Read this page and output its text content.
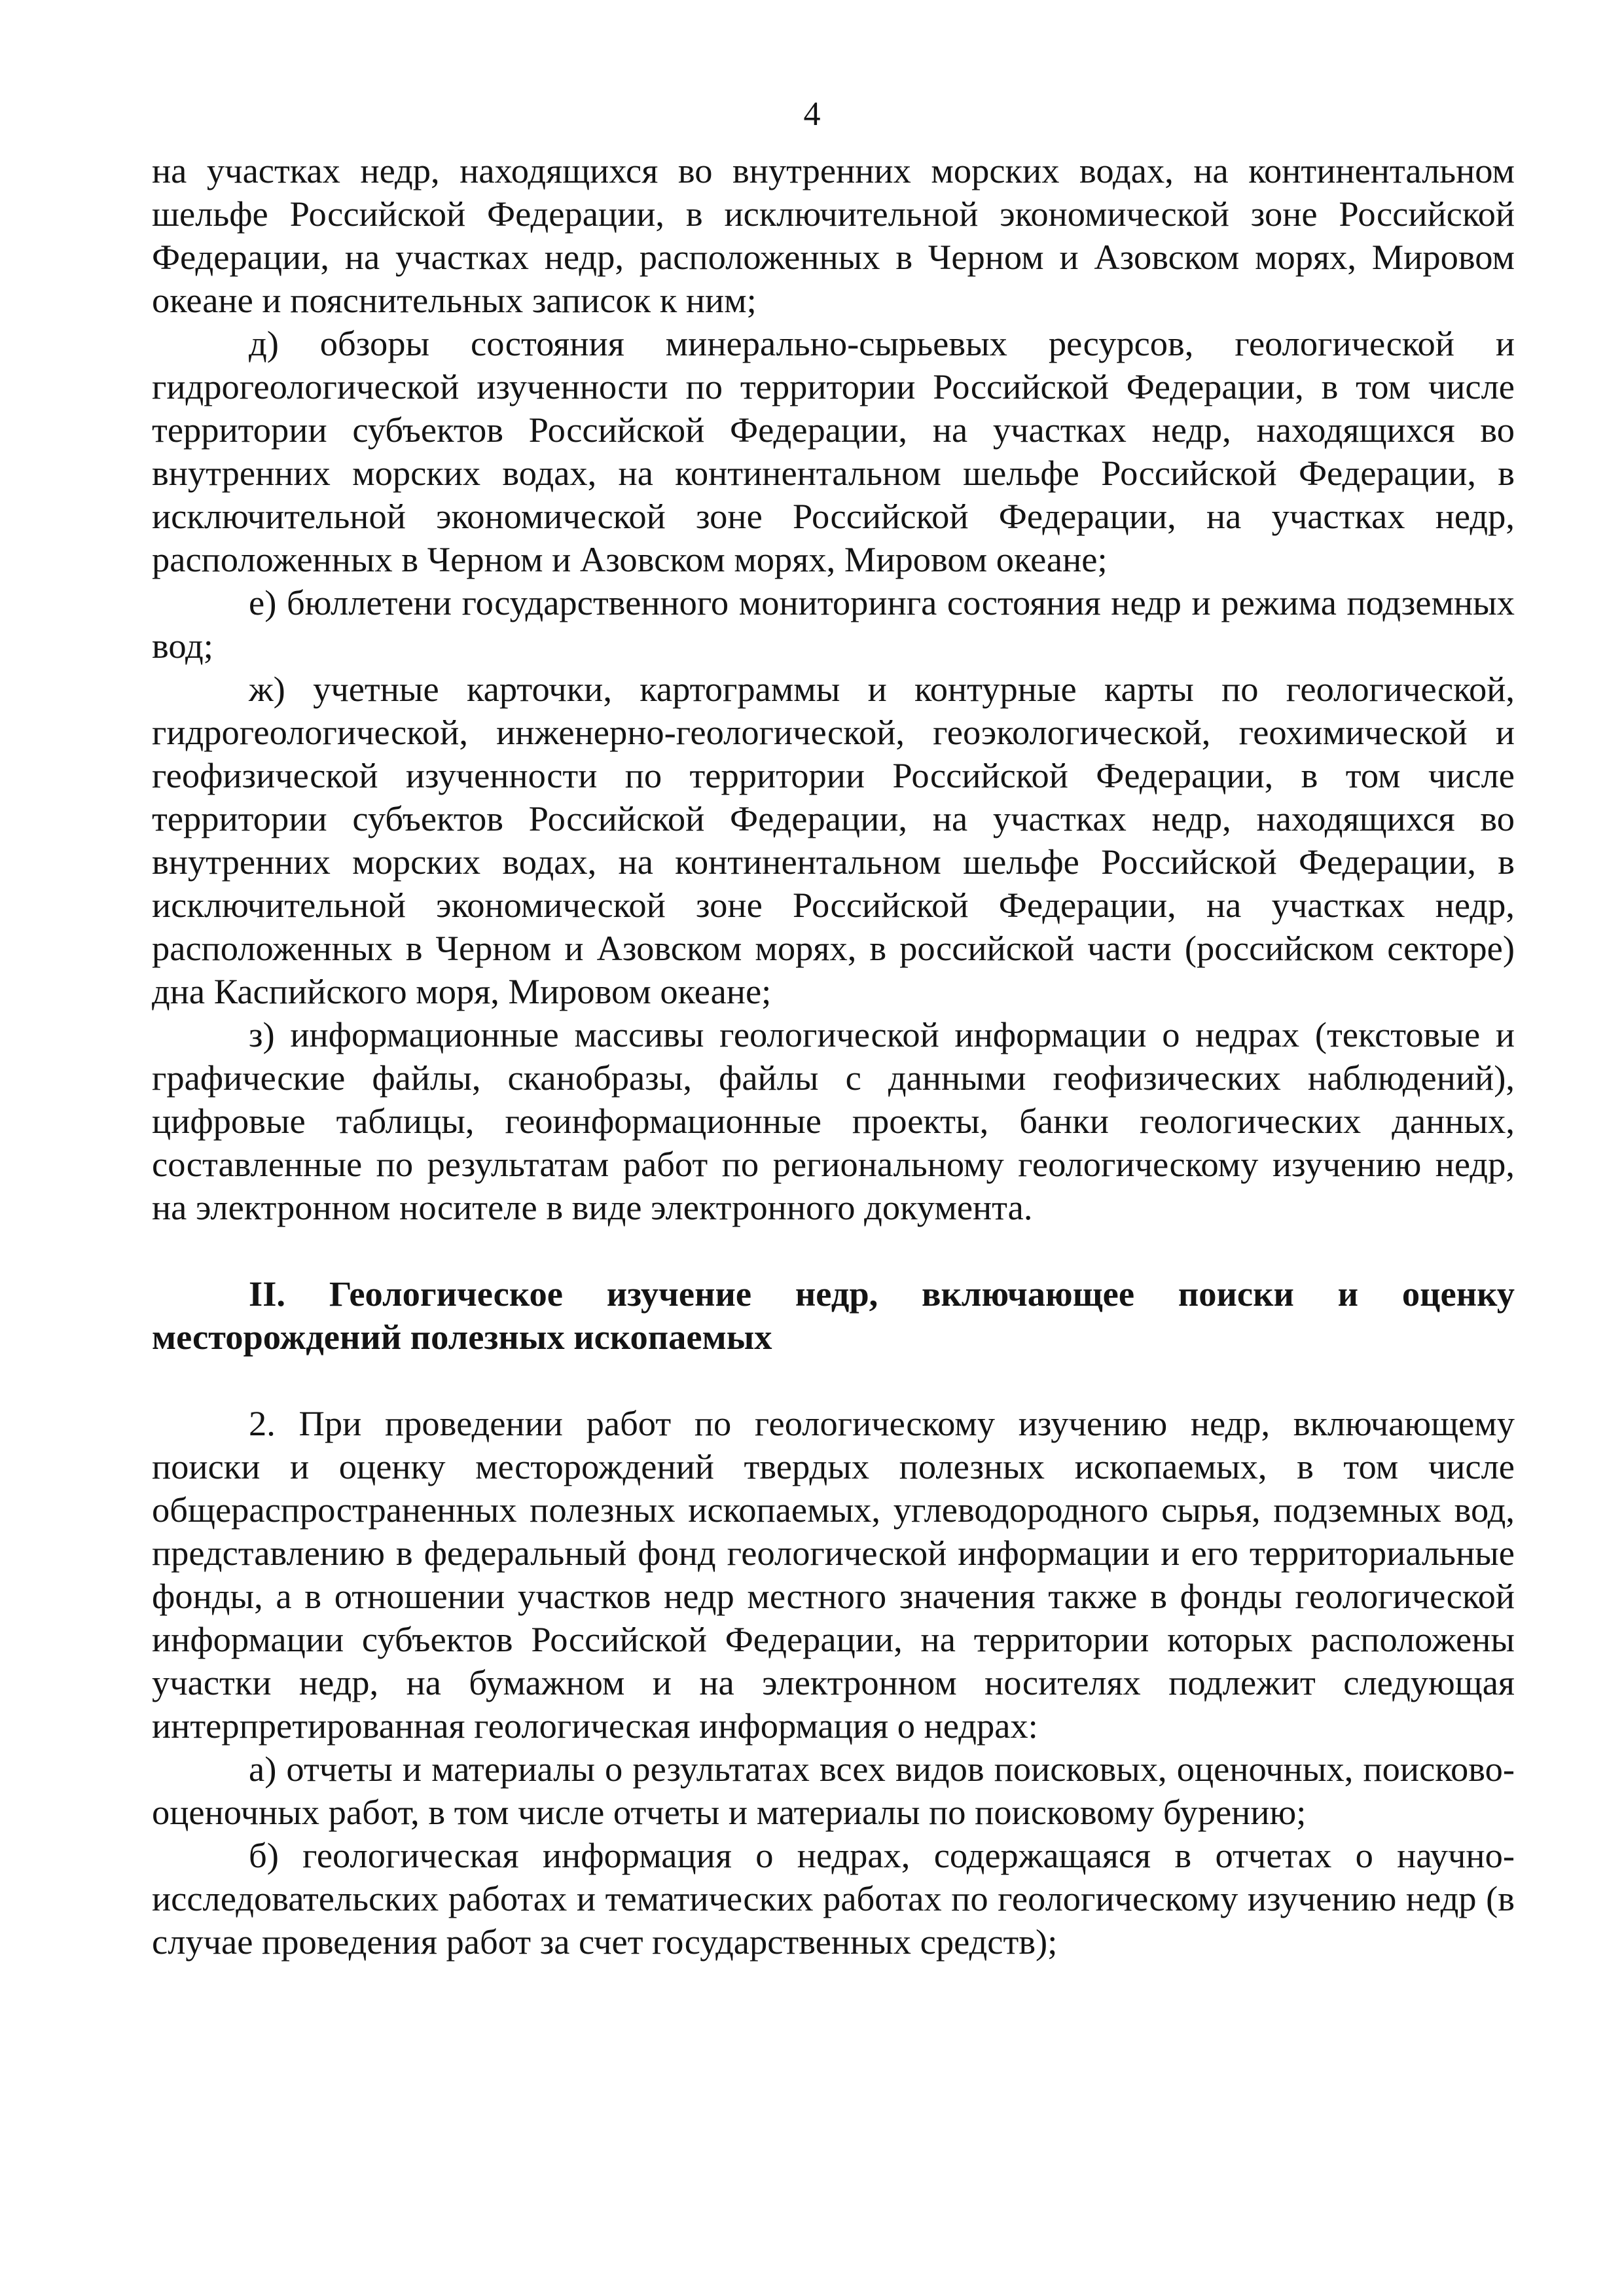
4

на участках недр, находящихся во внутренних морских водах, на континентальном шельфе Российской Федерации, в исключительной экономической зоне Российской Федерации, на участках недр, расположенных в Черном и Азовском морях, Мировом океане и пояснительных записок к ним;

д) обзоры состояния минерально-сырьевых ресурсов, геологической и гидрогеологической изученности по территории Российской Федерации, в том числе территории субъектов Российской Федерации, на участках недр, находящихся во внутренних морских водах, на континентальном шельфе Российской Федерации, в исключительной экономической зоне Российской Федерации, на участках недр, расположенных в Черном и Азовском морях, Мировом океане;

е) бюллетени государственного мониторинга состояния недр и режима подземных вод;

ж) учетные карточки, картограммы и контурные карты по геологической, гидрогеологической, инженерно-геологической, геоэкологической, геохимической и геофизической изученности по территории Российской Федерации, в том числе территории субъектов Российской Федерации, на участках недр, находящихся во внутренних морских водах, на континентальном шельфе Российской Федерации, в исключительной экономической зоне Российской Федерации, на участках недр, расположенных в Черном и Азовском морях, в российской части (российском секторе) дна Каспийского моря, Мировом океане;

з) информационные массивы геологической информации о недрах (текстовые и графические файлы, сканобразы, файлы с данными геофизических наблюдений), цифровые таблицы, геоинформационные проекты, банки геологических данных, составленные по результатам работ по региональному геологическому изучению недр, на электронном носителе в виде электронного документа.

II. Геологическое изучение недр, включающее поиски и оценку месторождений полезных ископаемых

2. При проведении работ по геологическому изучению недр, включающему поиски и оценку месторождений твердых полезных ископаемых, в том числе общераспространенных полезных ископаемых, углеводородного сырья, подземных вод, представлению в федеральный фонд геологической информации и его территориальные фонды, а в отношении участков недр местного значения также в фонды геологической информации субъектов Российской Федерации, на территории которых расположены участки недр, на бумажном и на электронном носителях подлежит следующая интерпретированная геологическая информация о недрах:

а) отчеты и материалы о результатах всех видов поисковых, оценочных, поисково-оценочных работ, в том числе отчеты и материалы по поисковому бурению;

б) геологическая информация о недрах, содержащаяся в отчетах о научно-исследовательских работах и тематических работах по геологическому изучению недр (в случае проведения работ за счет государственных средств);
